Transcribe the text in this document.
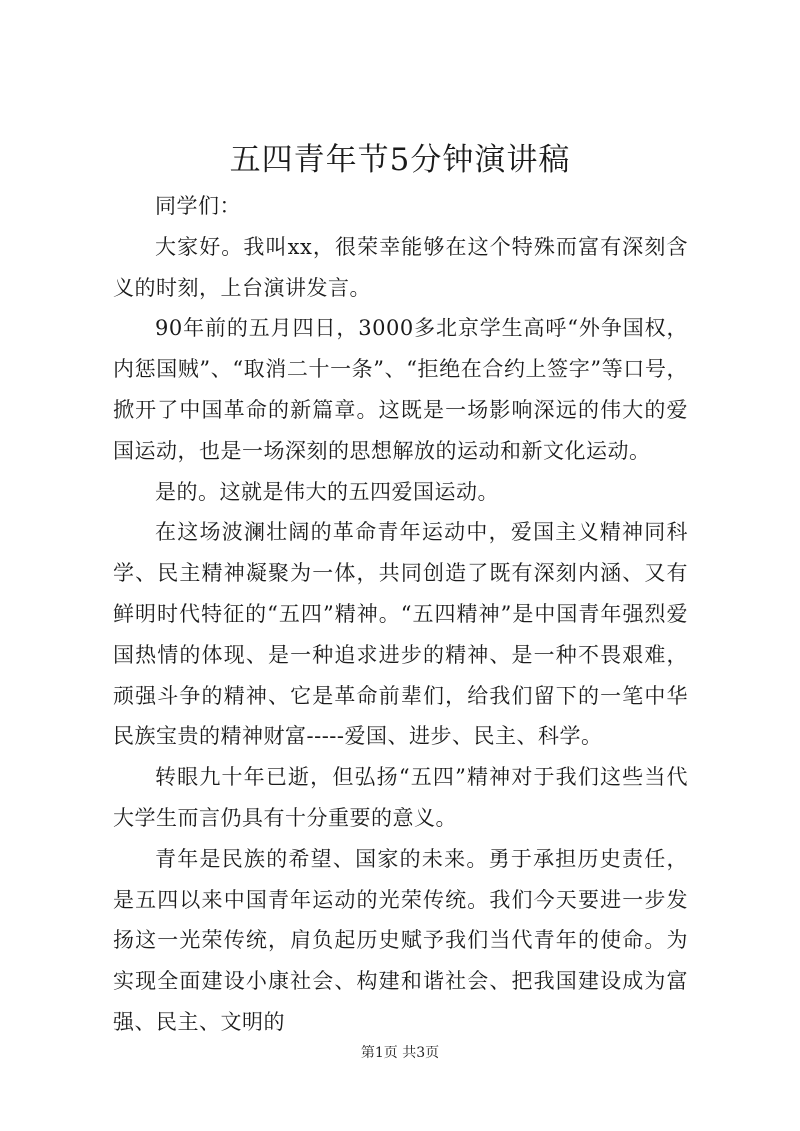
五四青年节5分钟演讲稿

同学们：

大家好。我叫xx，很荣幸能够在这个特殊而富有深刻含义的时刻，上台演讲发言。

90年前的五月四日，3000多北京学生高呼“外争国权，内惩国贼”、“取消二十一条”、“拒绝在合约上签字”等口号，掀开了中国革命的新篇章。这既是一场影响深远的伟大的爱国运动，也是一场深刻的思想解放的运动和新文化运动。

是的。这就是伟大的五四爱国运动。

在这场波澜壮阔的革命青年运动中，爱国主义精神同科学、民主精神凝聚为一体，共同创造了既有深刻内涵、又有鲜明时代特征的“五四”精神。“五四精神”是中国青年强烈爱国热情的体现、是一种追求进步的精神、是一种不畏艰难，顽强斗争的精神、它是革命前辈们，给我们留下的一笔中华民族宝贵的精神财富-----爱国、进步、民主、科学。

转眼九十年已逝，但弘扬“五四”精神对于我们这些当代大学生而言仍具有十分重要的意义。

青年是民族的希望、国家的未来。勇于承担历史责任，是五四以来中国青年运动的光荣传统。我们今天要进一步发扬这一光荣传统，肩负起历史赋予我们当代青年的使命。为实现全面建设小康社会、构建和谐社会、把我国建设成为富强、民主、文明的

第1页 共3页
